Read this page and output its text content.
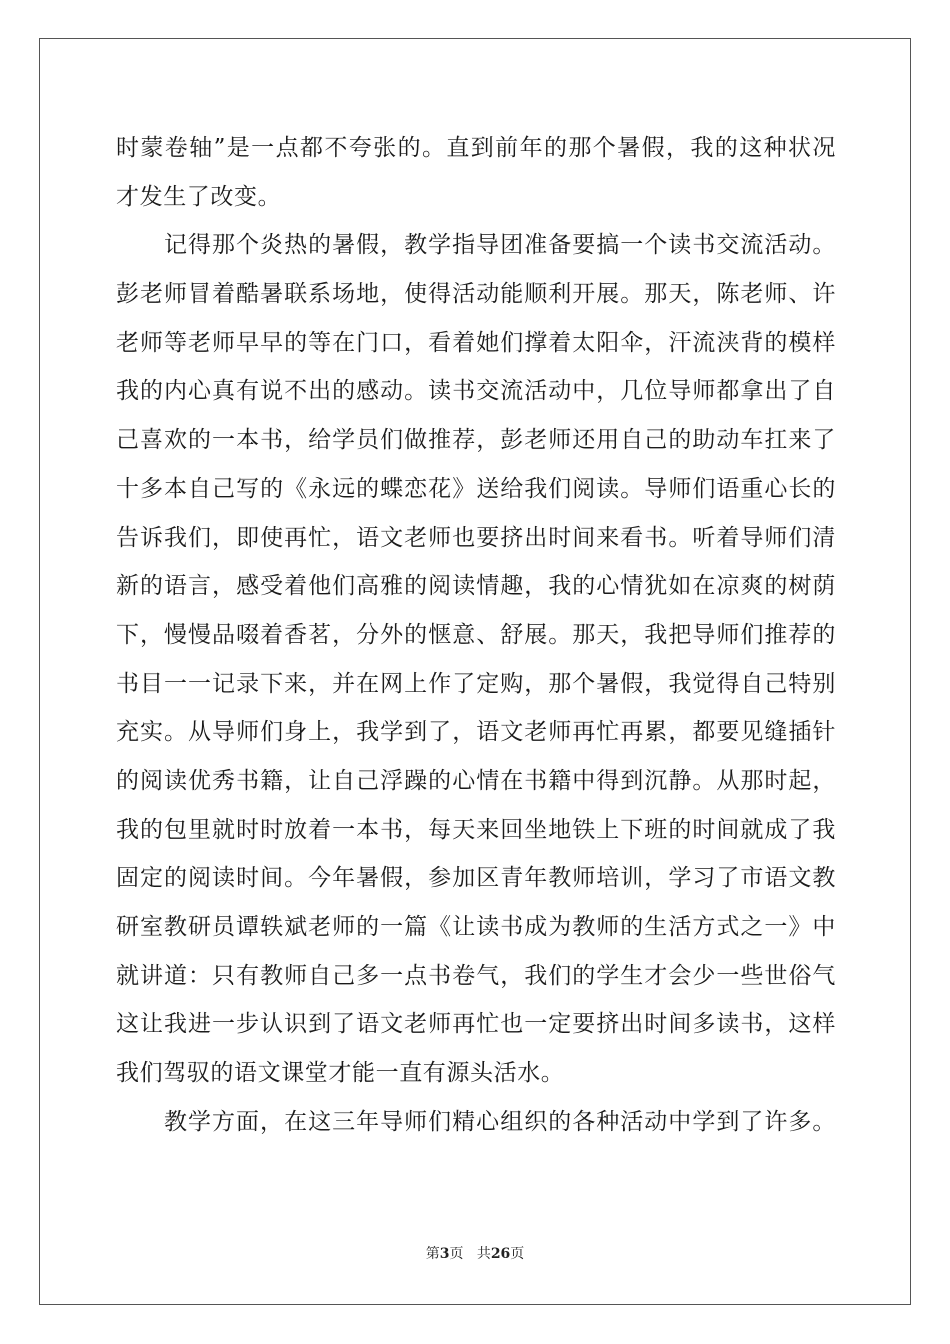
时蒙卷轴”是一点都不夸张的。直到前年的那个暑假，我的这种状况
才发生了改变。
记得那个炎热的暑假，教学指导团准备要搞一个读书交流活动。
彭老师冒着酷暑联系场地，使得活动能顺利开展。那天，陈老师、许
老师等老师早早的等在门口，看着她们撑着太阳伞，汗流浃背的模样
我的内心真有说不出的感动。读书交流活动中，几位导师都拿出了自
己喜欢的一本书，给学员们做推荐，彭老师还用自己的助动车扛来了
十多本自己写的《永远的蝶恋花》送给我们阅读。导师们语重心长的
告诉我们，即使再忙，语文老师也要挤出时间来看书。听着导师们清
新的语言，感受着他们高雅的阅读情趣，我的心情犹如在凉爽的树荫
下，慢慢品啜着香茗，分外的惬意、舒展。那天，我把导师们推荐的
书目一一记录下来，并在网上作了定购，那个暑假，我觉得自己特别
充实。从导师们身上，我学到了，语文老师再忙再累，都要见缝插针
的阅读优秀书籍，让自己浮躁的心情在书籍中得到沉静。从那时起，
我的包里就时时放着一本书，每天来回坐地铁上下班的时间就成了我
固定的阅读时间。今年暑假，参加区青年教师培训，学习了市语文教
研室教研员谭轶斌老师的一篇《让读书成为教师的生活方式之一》中
就讲道：只有教师自己多一点书卷气，我们的学生才会少一些世俗气
这让我进一步认识到了语文老师再忙也一定要挤出时间多读书，这样
我们驾驭的语文课堂才能一直有源头活水。
教学方面，在这三年导师们精心组织的各种活动中学到了许多。
第3页 共26页
